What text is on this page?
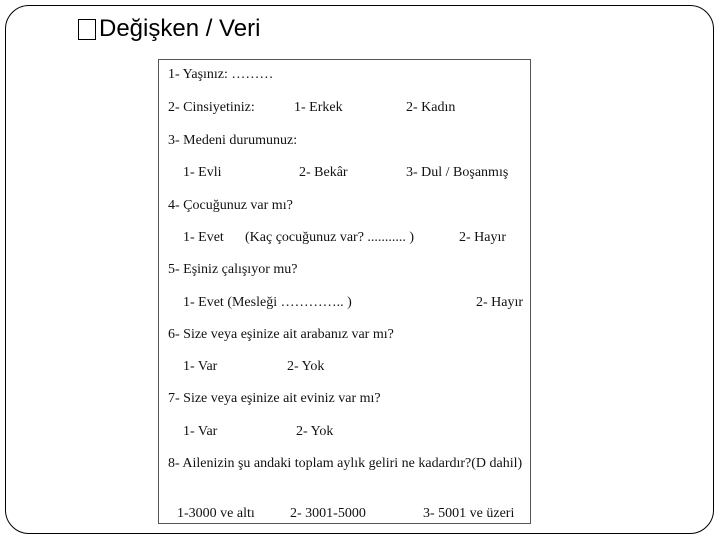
Değişken / Veri
1- Yaşınız: ………
2- Cinsiyetiniz:	1- Erkek	2- Kadın
3- Medeni durumunuz:
1- Evli	2- Bekâr	3- Dul / Boşanmış
4- Çocuğunuz var mı?
1- Evet (Kaç çocuğunuz var? ........... )	2- Hayır
5- Eşiniz çalışıyor mu?
1- Evet (Mesleği ………….. )	2- Hayır
6- Size veya eşinize ait arabanız var mı?
1- Var	2- Yok
7- Size veya eşinize ait eviniz var mı?
1- Var	2- Yok
8- Ailenizin şu andaki toplam aylık geliri ne kadardır?(D dahil)
1-3000 ve altı	2- 3001-5000	3- 5001 ve üzeri
